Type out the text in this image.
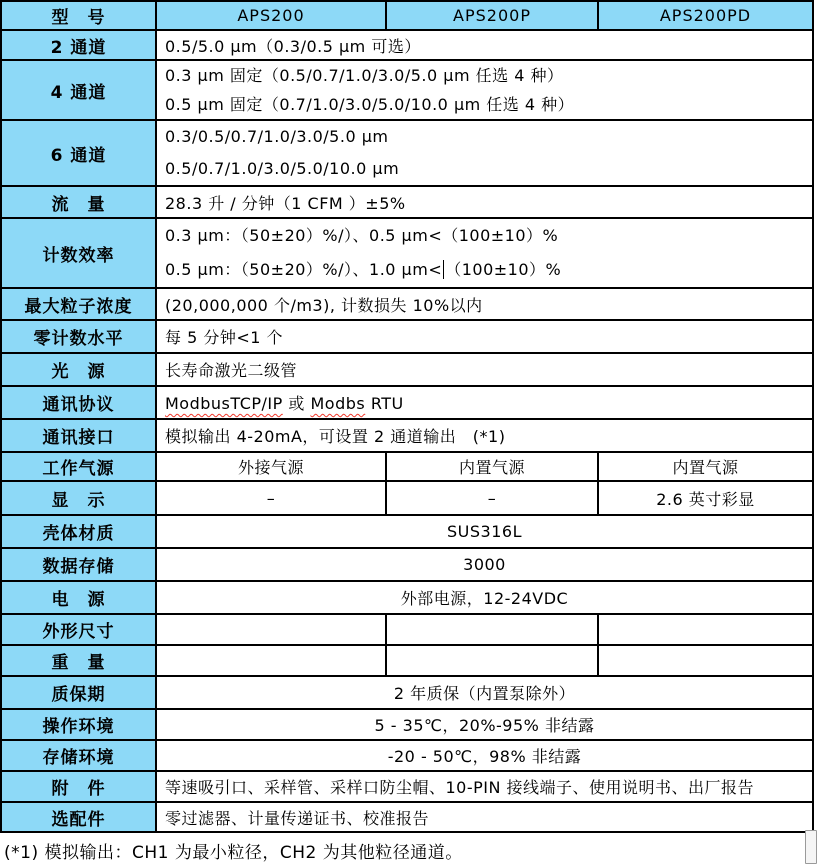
型　号	APS200	APS200P	APS200PD
2 通道	0.5/5.0 μm（0.3/0.5 μm 可选）		
4 通道	0.3 μm 固定（0.5/0.7/1.0/3.0/5.0 μm 任选 4 种）
0.5 μm 固定（0.7/1.0/3.0/5.0/10.0 μm 任选 4 种）		

6 通道	0.3/0.5/0.7/1.0/3.0/5.0 μm
0.5/0.7/1.0/3.0/5.0/10.0 μm		

流　量	28.3 升 / 分钟（1 CFM ）±5%		
计数效率	0.3 μm：（50±20）%/）、0.5 μm<（100±10）%
0.5 μm：（50±20）%/）、1.0 μm< （100±10）%		

最大粒子浓度	(20,000,000 个/m3), 计数损失 10%以内		
零计数水平	每 5 分钟<1 个		
光　源	长寿命激光二级管		
通讯协议	ModbusTCP/IP 或 Modbs RTU		
通讯接口	模拟输出 4-20mA，可设置 2 通道输出　(*1)		
工作气源	外接气源	内置气源	内置气源
显　示	–	–	2.6 英寸彩显
壳体材质	SUS316L		
数据存储	3000		
电　源	外部电源，12-24VDC		
外形尺寸			
重　量			
质保期	2 年质保（内置泵除外）		
操作环境	5 - 35℃，20%-95% 非结露		
存储环境	-20 - 50℃，98% 非结露		
附　件	等速吸引口、采样管、采样口防尘帽、10-PIN 接线端子、使用说明书、出厂报告		
选配件	零过滤器、计量传递证书、校准报告		
(*1) 模拟输出：CH1 为最小粒径，CH2 为其他粒径通道。
